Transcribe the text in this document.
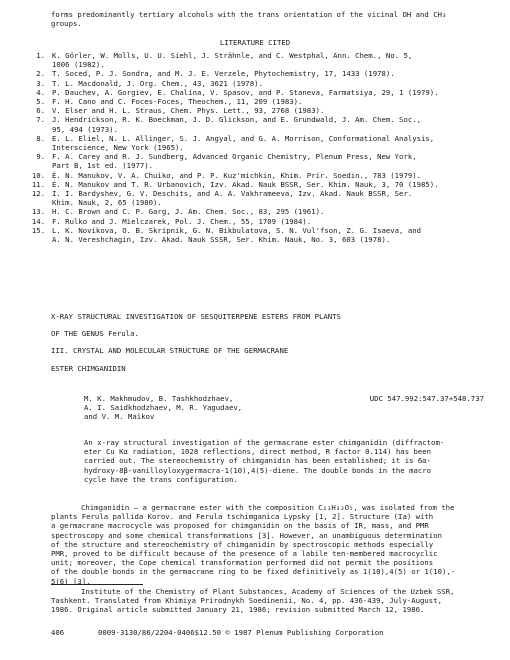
forms predominantly tertiary alcohols with the trans orientation of the vicinal OH and CH₃
groups.
LITERATURE CITED
1. K. Görler, W. Molls, U. U. Siehl, J. Strähnle, and C. Westphal, Ann. Chem., No. 5,
1006 (1982).
2. T. Soced, P. J. Sondra, and M. J. E. Verzele, Phytochemistry, 17, 1433 (1978).
3. T. L. Macdonald, J. Org. Chem., 43, 3621 (1978).
4. P. Dauchev, A. Gorgiev, E. Chalina, V. Spasov, and P. Staneva, Farmatsiya, 29, 1 (1979).
5. F. H. Cano and C. Foces-Foces, Theochem., 11, 209 (1983).
6. V. Elser and H. L. Straus, Chem. Phys. Lett., 93, 2768 (1983).
7. J. Hendrickson, R. K. Boeckman, J. D. Glickson, and E. Grundwald, J. Am. Chem. Soc.,
95, 494 (1973).
8. E. L. Eliel, N. L. Allinger, S. J. Angyal, and G. A. Morrison, Conformational Analysis,
Interscience, New York (1965).
9. F. A. Carey and R. J. Sundberg, Advanced Organic Chemistry, Plenum Press, New York,
Part B, 1st ed. (1977).
10. Ė. N. Manukov, V. A. Chuiko, and P. P. Kuz'michkin, Khim. Prir. Soedin., 783 (1979).
11. Ė. N. Manukov and T. R. Urbanovich, Izv. Akad. Nauk BSSR, Ser. Khim. Nauk, 3, 70 (1985).
12. I. I. Bardyshev, G. V. Deschits, and A. A. Vakhrameeva, Izv. Akad. Nauk BSSR, Ser.
Khim. Nauk, 2, 65 (1980).
13. H. C. Brown and C. P. Garg, J. Am. Chem. Soc., 83, 295 (1961).
14. F. Rulko and J. Mielczarek, Pol. J. Chem., 55, 1709 (1984).
15. L. K. Novikova, O. B. Skripnik, G. N. Bikbulatova, S. N. Vul'fson, Z. G. Isaeva, and
A. N. Vereshchagin, Izv. Akad. Nauk SSSR, Ser. Khim. Nauk, No. 3, 603 (1978).
X-RAY STRUCTURAL INVESTIGATION OF SESQUITERPENE ESTERS FROM PLANTS
OF THE GENUS Ferula.
III. CRYSTAL AND MOLECULAR STRUCTURE OF THE GERMACRANE
ESTER CHIMGANIDIN
M. K. Makhmudov, B. Tashkhodzhaev,
A. I. Saidkhodzhaev, M. R. Yagudaev,
and V. M. Maikov
UDC 547.992:547.37+548.737
An x-ray structural investigation of the germacrane ester chimganidin (diffractom-
eter Cu Kα radiation, 1028 reflections, direct method, R factor 0.114) has been
carried out. The stereochemistry of chimganidin has been established; it is 6α-
hydroxy-8β-vanilloyloxygermacra-1(10),4(5)-diene. The double bonds in the macro
cycle have the trans configuration.
Chimganidin — a germacrane ester with the composition C₂₃H₃₂O₅, was isolated from the
plants Ferula pallida Korov. and Ferula tschimganica Lypsky [1, 2]. Structure (Ia) with
a germacrane macrocycle was proposed for chimganidin on the basis of IR, mass, and PMR
spectroscopy and some chemical transformations [3]. However, an unambiguous determination
of the structure and stereochemistry of chimganidin by spectroscopic methods especially
PMR, proved to be difficult because of the presence of a labile ten-membered macrocyclic
unit; moreover, the Cope chemical transformation performed did not permit the positions
of the double bonds in the germacrane ring to be fixed definitively as 1(10),4(5) or 1(10),-
5(6) [3].
Institute of the Chemistry of Plant Substances, Academy of Sciences of the Uzbek SSR,
Tashkent. Translated from Khimiya Prirodnykh Soedinenii, No. 4, pp. 436-439, July-August,
1986. Original article submitted January 21, 1986; revision submitted March 12, 1986.
406	0009-3130/86/2204-0406$12.50 © 1987 Plenum Publishing Corporation
